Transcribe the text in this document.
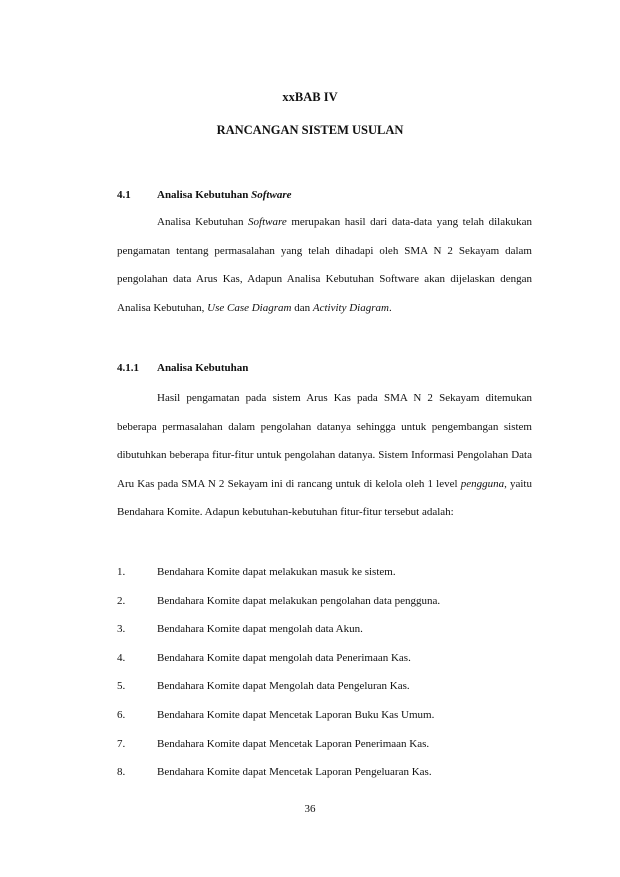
xxBAB IV
RANCANGAN SISTEM USULAN
4.1 Analisa Kebutuhan Software
Analisa Kebutuhan Software merupakan hasil dari data-data yang telah dilakukan pengamatan tentang permasalahan yang telah dihadapi oleh SMA N 2 Sekayam dalam pengolahan data Arus Kas, Adapun Analisa Kebutuhan Software akan dijelaskan dengan Analisa Kebutuhan, Use Case Diagram dan Activity Diagram.
4.1.1 Analisa Kebutuhan
Hasil pengamatan pada sistem Arus Kas pada SMA N 2 Sekayam ditemukan beberapa permasalahan dalam pengolahan datanya sehingga untuk pengembangan sistem dibutuhkan beberapa fitur-fitur untuk pengolahan datanya. Sistem Informasi Pengolahan Data Aru Kas pada SMA N 2 Sekayam ini di rancang untuk di kelola oleh 1 level pengguna, yaitu Bendahara Komite. Adapun kebutuhan-kebutuhan fitur-fitur tersebut adalah:
1.	Bendahara Komite dapat melakukan masuk ke sistem.
2.	Bendahara Komite dapat melakukan pengolahan data pengguna.
3.	Bendahara Komite dapat mengolah data Akun.
4.	Bendahara Komite dapat mengolah data Penerimaan Kas.
5.	Bendahara Komite dapat Mengolah data Pengeluran Kas.
6.	Bendahara Komite dapat Mencetak Laporan Buku Kas Umum.
7.	Bendahara Komite dapat Mencetak Laporan Penerimaan Kas.
8.	Bendahara Komite dapat Mencetak Laporan Pengeluaran Kas.
36
